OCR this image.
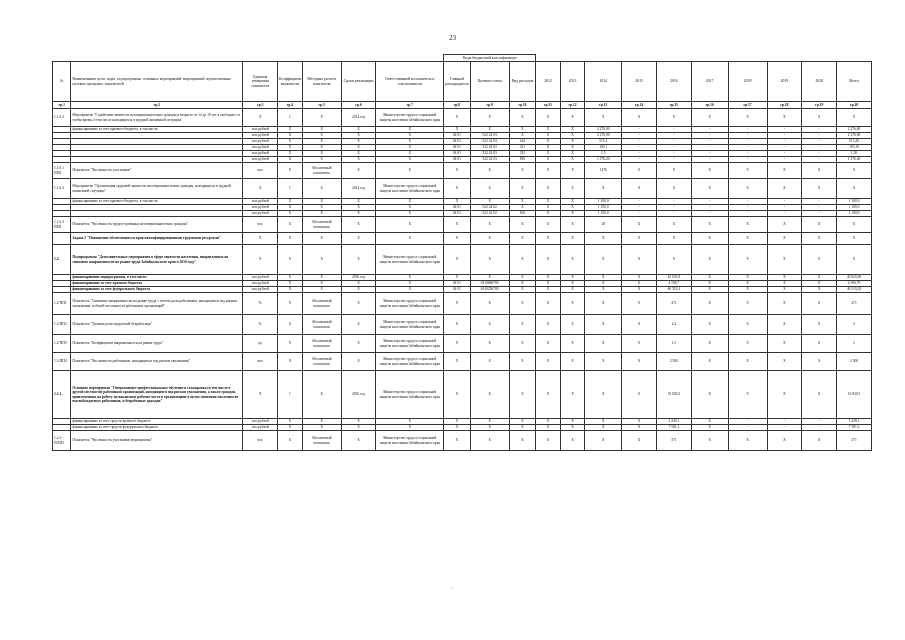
23
							Коды бюджетной классификации												
№	Наименование цели, задач, подпрограммы, основных мероприятий, мероприятий, ведомственных целевых программ, показателей	Единица измерения показателя	Коэффициент значимости	Методика расчета показателя	Сроки реализации	Ответственный исполнитель и соисполнители	Главный распорядитель	Целевая статья	Вид расходов	2012	2013	2014	2015	2016	2017	2018	2019	2020	Итого
гр.1	гр.2	гр.3	гр.4	гр.5	гр.6	гр.7	гр.8	гр.9	гр.10	гр.11	гр.12	гр.13	гр.14	гр.15	гр.16	гр.17	гр.18	гр.19	гр.20
1.1.6.2	Мероприятие "Содействие занятости несовершеннолетних граждан в возрасте от 14 до 18 лет в свободное от учебы время, в том числе находящихся в трудной жизненной ситуации"	X	1	X	2014 год	Министерство труда и социальной защиты населения Забайкальского края	X	X	X	X	X	X	X	X	X	X	X	X	X
	финансирование за счет краевого бюджета, в том числе:	тыс.рублей	X	X	X	X	X	X	X	X	X	2 276,00	-	-	-	-	-	-	2 276,00
		тыс.рублей	X	X	X	X	04 01	522 24 03	X	X	X	2 276,00	-	-	-	-	-	-	2 276,00
		тыс.рублей	X	X	X	X	04 01	522 24 03	244	X	X	515,2	-	-	-	-	-	-	515,20
		тыс.рублей	X	X	X	X	04 01	522 24 03	321	X	X	183,1	-	-	-	-	-	-	183,10
		тыс.рублей	X	X	X	X	04 01	522 24 03	323	X	X	1,5	-	-	-	-	-	-	1,50
		тыс.рублей	X	X	X	X	04 01	522 24 03	810	X	X	1 576,20	-	-	-	-	-	-	1 576,20
1.1.6.1 ПМ1	Показатель "Численность участников"	чел.	X	Абсолютный показатель	X	X	X	X	X	X	X	1476	X	X	X	X	X	X	X
1.1.6.3	Мероприятие "Организация трудовой занятости несовершеннолетних граждан, находящихся в трудной жизненной ситуации"	X	1	X	2014 год	Министерство труда и социальной защиты населения Забайкальского края	X	X	X	X	X	X	X	X	X	X	X	X	X
	финансирование за счет краевого бюджета, в том числе:	тыс.рублей	X	X	X	X	X	X	X	X	X	1 100,0	-	-	-	-	-	-	1 100,0
		тыс.рублей	X	X	X	X	04 01	522 24 02	X	X	X	1 100,0	-	-	-	-	-	-	1 100,0
		тыс.рублей	X	X	X	X	04 01	522 24 02	810	X	X	1 100,0	-	-	-	-	-	-	1 100,0
1.1.6.3 ПМ1	Показатель "Численность трудоустроенных несовершеннолетних граждан"	чел.	X	Абсолютный показатель	X	X	X	X	X	X	X	28	X	X	X	X	X	X	X
	Задача 2 "Повышение обеспеченности края квалифицированными трудовыми ресурсами"	X	X	X	X	X	X	X	X	X	X	X	X	X	X	X	X	X	X
1.2.	Подпрограмма "Дополнительные мероприятия в сфере занятости населения, направленные на снижение напряженности на рынке труда Забайкальского края в 2016 году"	X	X	X	X	Министерство труда и социальной защиты населения Забайкальского края	X	X	X	X	X	X	X	X	X	X	X	X	X
	финансирование подпрограммы, в том числе:	тыс.рублей	X	X	2016 год	X	X	X	X	X	X	X	X	45 025,9	X	X	X	X	45 025,90
	финансирование за счет краевого бюджета	тыс.рублей	X	X	X	X	04 01	0410686700	X	X	X	X	X	4 506,7	X	X	X	X	4 506,70
	финансирование за счет федерального бюджета	тыс.рублей	X	X	X	X	04 01	0410256700	X	X	X	X	X	40 519,2	X	X	X	X	40 519,20
1.2-ПП1	Показатель "Снижение напряженности на рынке труда с учетом доли работников, находящихся под риском увольнения, в общей численности работников организаций"	%	X	Абсолютный показатель	X	Министерство труда и социальной защиты населения Забайкальского края	X	X	X	X	X	X	X	471	X	X	X	X	471
1.2-ПП2	Показатель "Уровень регистрируемой безработицы"	%	X	Абсолютный показатель	X	Министерство труда и социальной защиты населения Забайкальского края	X	X	X	X	X	X	X	2,4	X	X	X	X	2
1.2-ПП3	Показатель "Коэффициент напряженности на рынке труда"	ед.	X	Абсолютный показатель	X	Министерство труда и социальной защиты населения Забайкальского края	X	X	X	X	X	X	X	1,5	X	X	X	X	2
1.2-ПП4	Показатель "Численность работников, находящихся под риском увольнения"	чел.	X	Абсолютный показатель	X	Министерство труда и социальной защиты населения Забайкальского края	X	X	X	X	X	X	X	2 500	X	X	X	X	2 500
1.2.1.	Основное мероприятие "Опережающее профессиональное обучение и стажировка (в том числе в другой местности) работников организаций, находящихся под риском увольнения, а также граждан, привлеченных на работу на вакантные рабочие места в организациях в целях снижения численности высвобождаемых работников, и безработных граждан"	X	1	X	2016 год	Министерство труда и социальной защиты населения Забайкальского края	X	X	X	X	X	X	X	10 830,3	X	X	X	X	10 830,3
	финансирование за счет средств краевого бюджета	тыс.рублей	X	X	X	X	X	X	X	X	X	X	X	3 249,1	X	-	-	-	3 249,1
	финансирование за счет средств федерального бюджета	тыс.рублей	X	X	X	X	X	X	X	X	X	X	X	7 581,2	X	-	-	-	7 581,2
1.2.1-ПОМ1	Показатель "Численность участников мероприятия"	чел.	X	Абсолютный показатель	X	Министерство труда и социальной защиты населения Забайкальского края	X	X	X	X	X	X	X	371	X	X	X	X	371
·
